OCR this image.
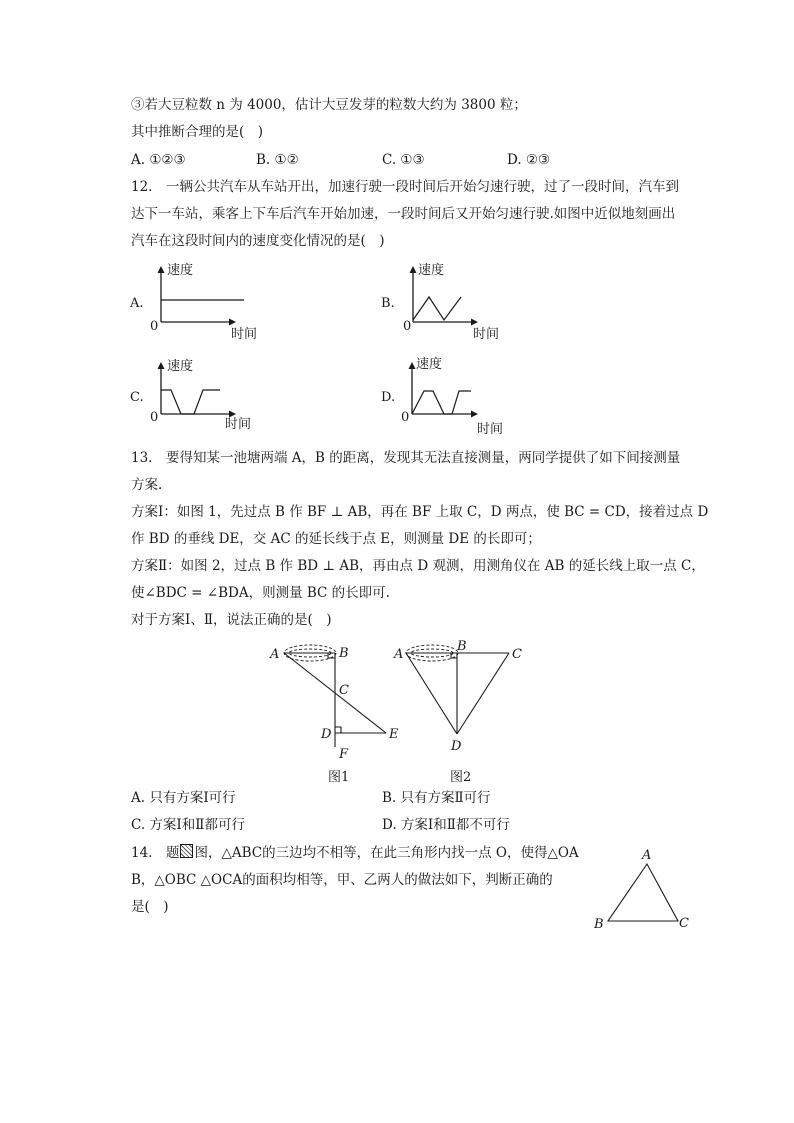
③若大豆粒数 n 为 4000，估计大豆发芽的粒数大约为 3800 粒；
其中推断合理的是(　)
A. ①②③	B. ①②	C. ①③	D. ②③
12.　一辆公共汽车从车站开出，加速行驶一段时间后开始匀速行驶，过了一段时间，汽车到
达下一车站，乘客上下车后汽车开始加速，一段时间后又开始匀速行驶.如图中近似地刻画出
汽车在这段时间内的速度变化情况的是(　)
A.
速度
0
时间
B.
速度
0
时间
C.
速度
0	时间
D.
速度
0
时间
13.　要得知某一池塘两端 A，B 的距离，发现其无法直接测量，两同学提供了如下间接测量
方案.
方案Ⅰ：如图 1，先过点 B 作 BF ⊥ AB，再在 BF 上取 C，D 两点，使 BC = CD，接着过点 D
作 BD 的垂线 DE，交 AC 的延长线于点 E，则测量 DE 的长即可；
方案Ⅱ：如图 2，过点 B 作 BD ⊥ AB，再由点 D 观测，用测角仪在 AB 的延长线上取一点 C，
使∠BDC = ∠BDA，则测量 BC 的长即可.
对于方案Ⅰ、Ⅱ，说法正确的是(　)
A	B
C
D	E
F
图1
A
B
C
D
图2
A. 只有方案Ⅰ可行	B. 只有方案Ⅱ可行
C. 方案Ⅰ和Ⅱ都可行	D. 方案Ⅰ和Ⅱ都不可行
14.　题 图，△ABC的三边均不相等，在此三角形内找一点 O，使得△OA
B，△OBC △OCA的面积均相等，甲、乙两人的做法如下，判断正确的
是(　)
A
B	C
